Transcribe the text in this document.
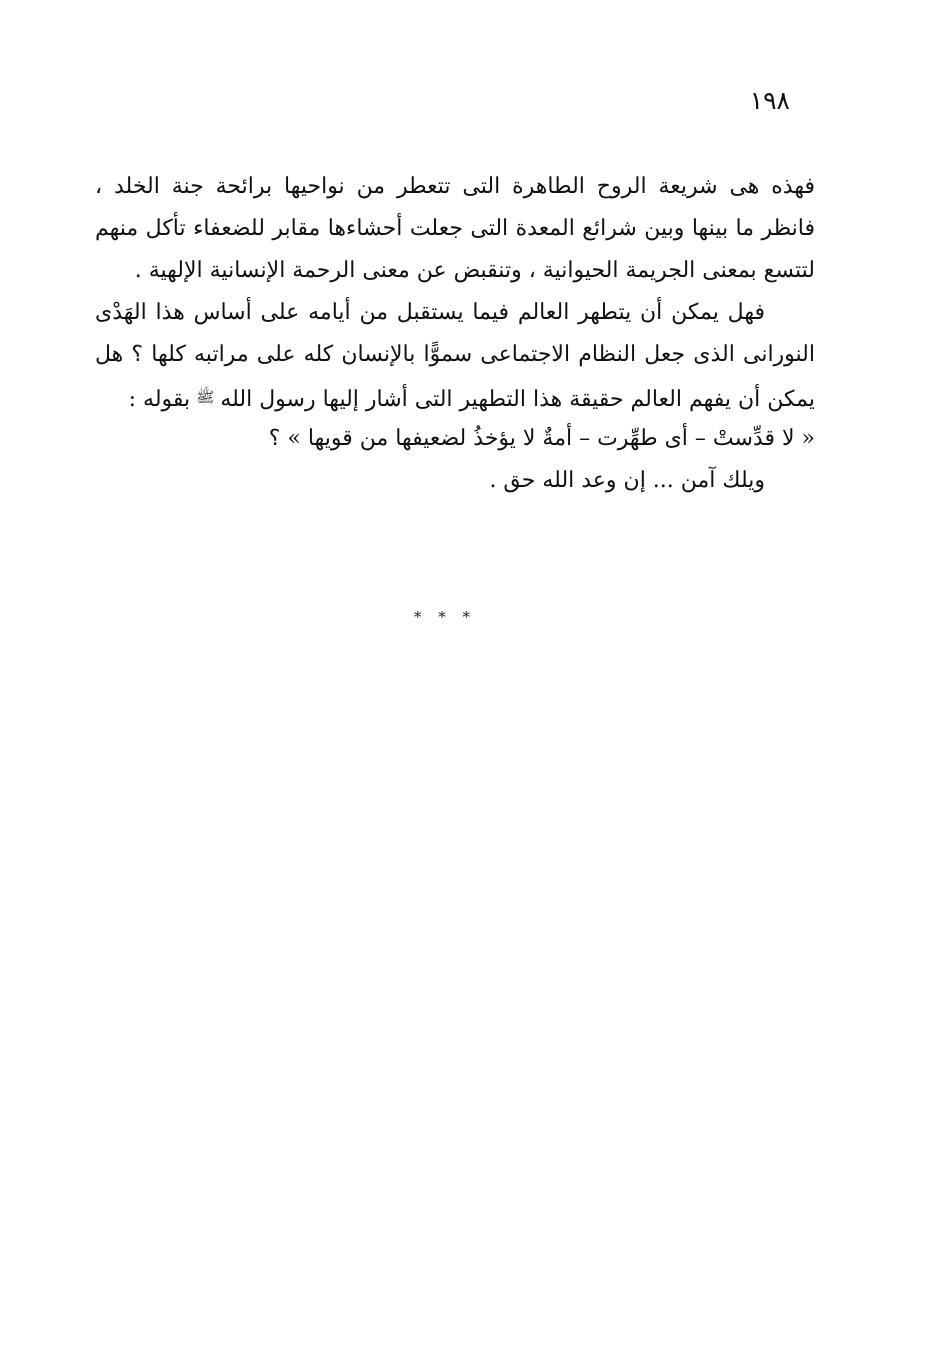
١٩٨
فهذه هى شريعة الروح الطاهرة التى تتعطر من نواحيها برائحة جنة الخلد ،
فانظر ما بينها وبين شرائع المعدة التى جعلت أحشاءها مقابر للضعفاء تأكل منهم
لتتسع بمعنى الجريمة الحيوانية ، وتنقبض عن معنى الرحمة الإنسانية الإلهية .
فهل يمكن أن يتطهر العالم فيما يستقبل من أيامه على أساس هذا الهَدْى
النورانى الذى جعل النظام الاجتماعى سموًّا بالإنسان كله على مراتبه كلها ؟ هل
يمكن أن يفهم العالم حقيقة هذا التطهير التى أشار إليها رسول اللهﷺبقوله :
« لا قدِّستْ – أى طهِّرت – أمةٌ لا يؤخذُ لضعيفها من قويها » ؟
ويلك آمن ... إن وعد الله حق .
* * *
